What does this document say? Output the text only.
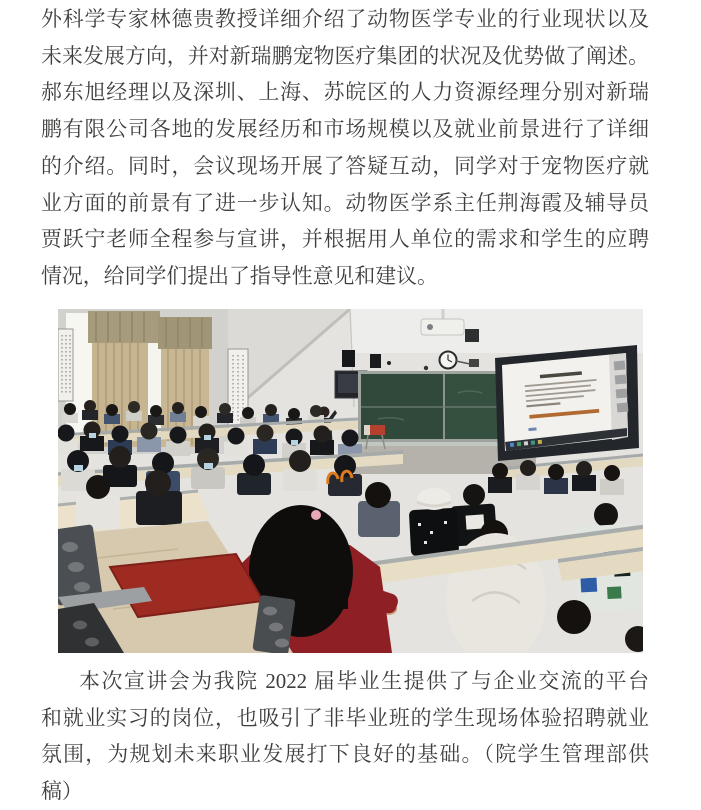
外科学专家林德贵教授详细介绍了动物医学专业的行业现状以及
未来发展方向，并对新瑞鹏宠物医疗集团的状况及优势做了阐述。
郝东旭经理以及深圳、上海、苏皖区的人力资源经理分别对新瑞
鹏有限公司各地的发展经历和市场规模以及就业前景进行了详细
的介绍。同时，会议现场开展了答疑互动，同学对于宠物医疗就
业方面的前景有了进一步认知。动物医学系主任荆海霞及辅导员
贾跃宁老师全程参与宣讲，并根据用人单位的需求和学生的应聘
情况，给同学们提出了指导性意见和建议。
本次宣讲会为我院 2022 届毕业生提供了与企业交流的平台
和就业实习的岗位，也吸引了非毕业班的学生现场体验招聘就业
氛围，为规划未来职业发展打下良好的基础。（院学生管理部供
稿）
